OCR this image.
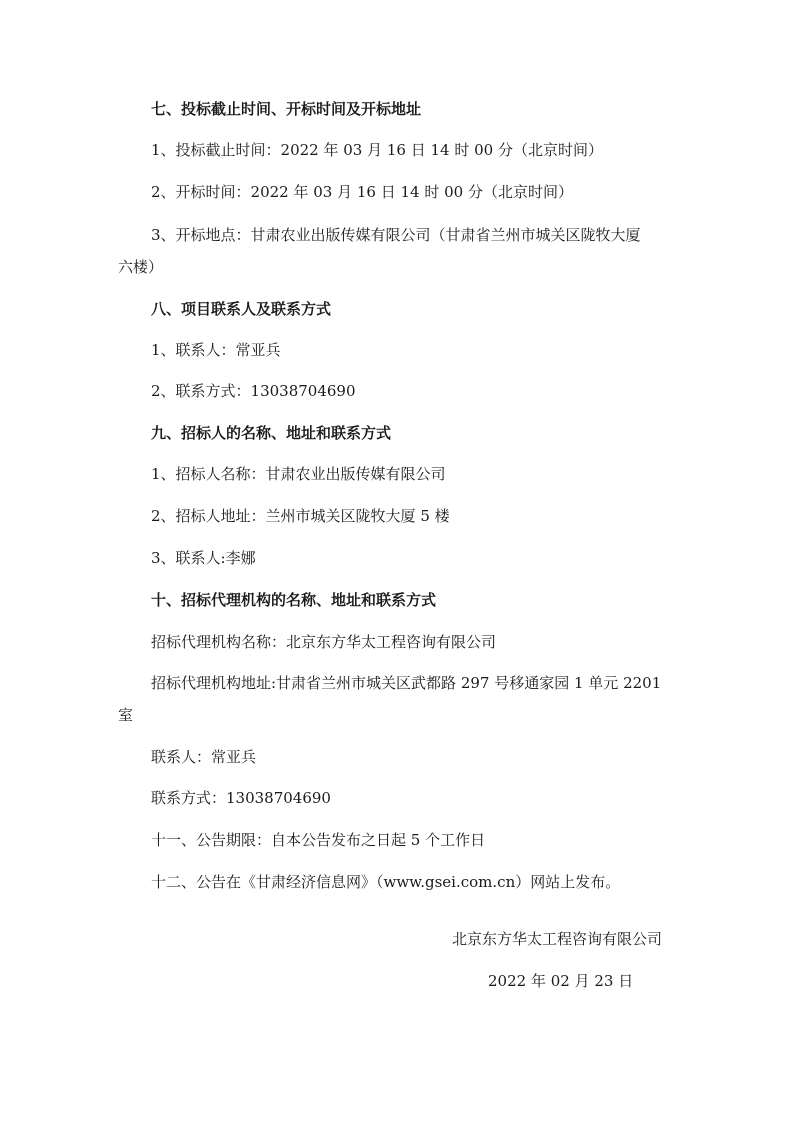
七、投标截止时间、开标时间及开标地址

1、投标截止时间：2022 年 03 月 16 日 14 时 00 分（北京时间）

2、开标时间：2022 年 03 月 16 日 14 时 00 分（北京时间）

3、开标地点：甘肃农业出版传媒有限公司（甘肃省兰州市城关区陇牧大厦

六楼）

八、项目联系人及联系方式

1、联系人：常亚兵

2、联系方式：13038704690

九、招标人的名称、地址和联系方式

1、招标人名称：甘肃农业出版传媒有限公司

2、招标人地址：兰州市城关区陇牧大厦 5 楼

3、联系人:李娜

十、招标代理机构的名称、地址和联系方式

招标代理机构名称：北京东方华太工程咨询有限公司

招标代理机构地址:甘肃省兰州市城关区武都路 297 号移通家园 1 单元 2201

室

联系人：常亚兵

联系方式：13038704690

十一、公告期限：自本公告发布之日起 5 个工作日

十二、公告在《甘肃经济信息网》（www.gsei.com.cn）网站上发布。

北京东方华太工程咨询有限公司

2022 年 02 月 23 日
